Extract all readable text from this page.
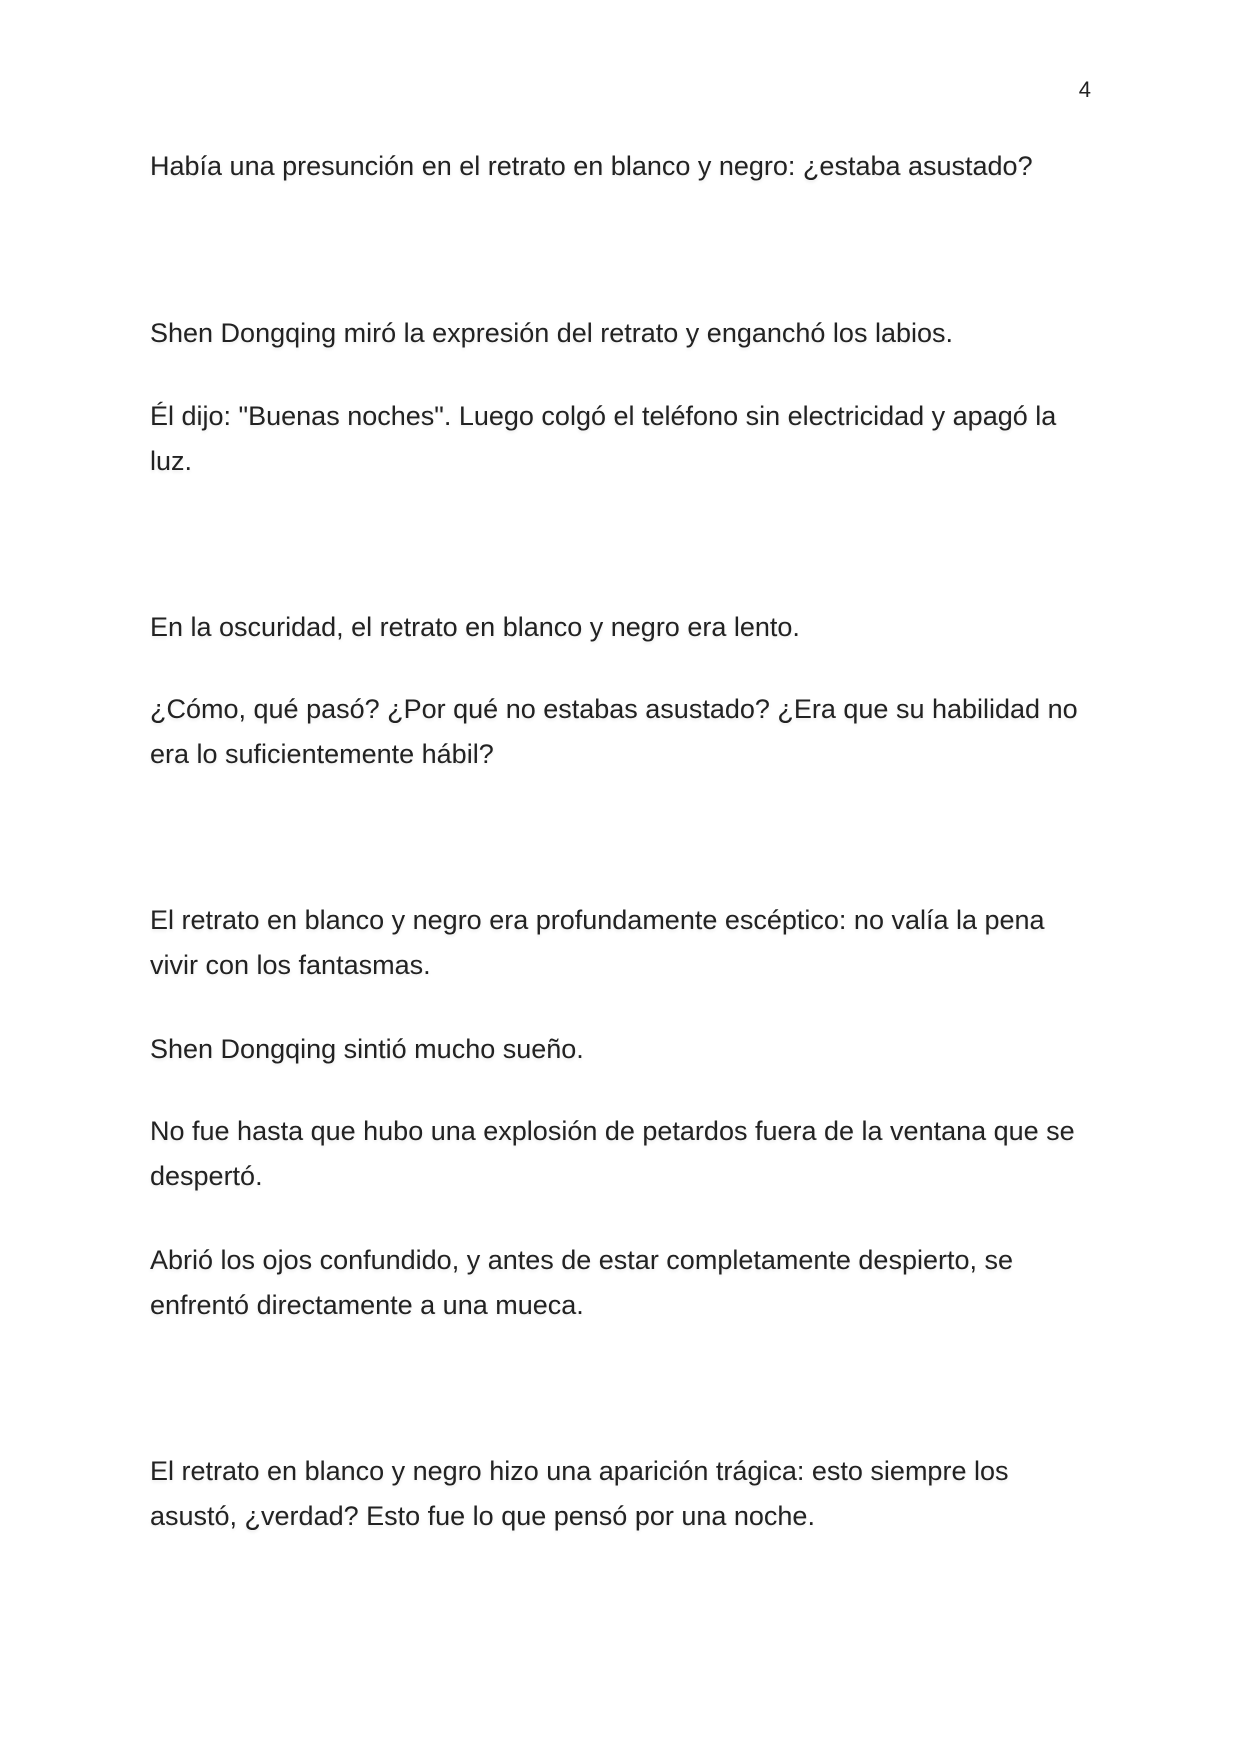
4

Había una presunción en el retrato en blanco y negro: ¿estaba asustado?

Shen Dongqing miró la expresión del retrato y enganchó los labios.

Él dijo: "Buenas noches". Luego colgó el teléfono sin electricidad y apagó la luz.

En la oscuridad, el retrato en blanco y negro era lento.

¿Cómo, qué pasó? ¿Por qué no estabas asustado? ¿Era que su habilidad no era lo suficientemente hábil?

El retrato en blanco y negro era profundamente escéptico: no valía la pena vivir con los fantasmas.

Shen Dongqing sintió mucho sueño.

No fue hasta que hubo una explosión de petardos fuera de la ventana que se despertó.

Abrió los ojos confundido, y antes de estar completamente despierto, se enfrentó directamente a una mueca.

El retrato en blanco y negro hizo una aparición trágica: esto siempre los asustó, ¿verdad? Esto fue lo que pensó por una noche.
